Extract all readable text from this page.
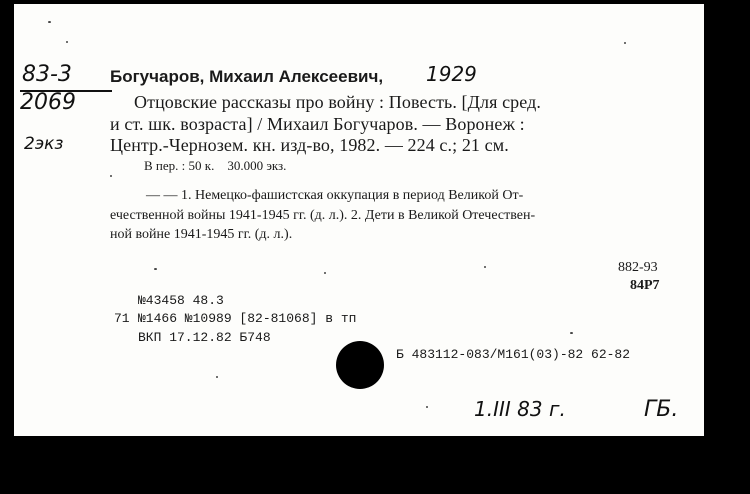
83-3
2069
2экз
Богучаров, Михаил Алексеевич, 1929
Отцовские рассказы про войну : Повесть. [Для сред.
и ст. шк. возраста] / Михаил Богучаров. — Воронеж :
Центр.-Чернозем. кн. изд-во, 1982. — 224 с.; 21 см.
В пер. : 50 к.    30.000 экз.
— — 1. Немецко-фашистская оккупация в период Великой От-
ечественной войны 1941-1945 гг. (д. л.). 2. Дети в Великой Отечествен-
ной войне 1941-1945 гг. (д. л.).
882-93
84Р7
№43458 48.3
71 №1466 №10989 [82-81068] в тп
ВКП 17.12.82 Б748
Б 483112-083/М161(03)-82 62-82
1.III 83 г.	ГБ.
